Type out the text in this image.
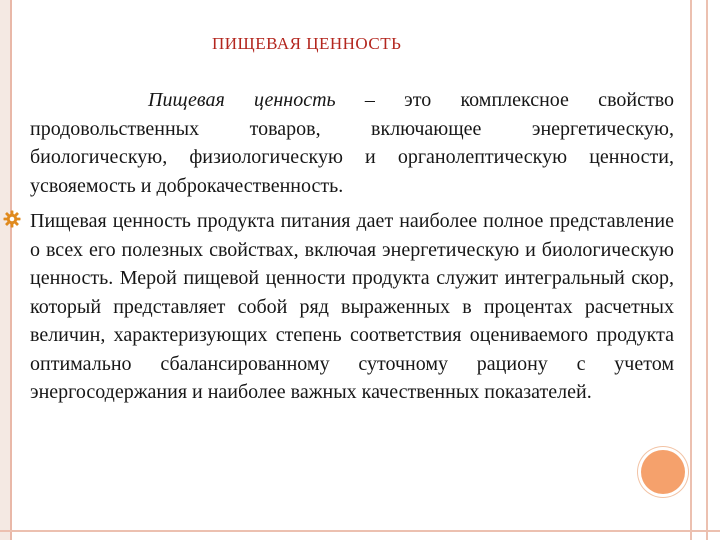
ПИЩЕВАЯ ЦЕННОСТЬ

Пищевая ценность – это комплексное свойство продовольственных товаров, включающее энергетическую, биологическую, физиологическую и органолептическую ценности, усвояемость и доброкачественность.

Пищевая ценность продукта питания дает наиболее полное представление о всех его полезных свойствах, включая энергетическую и биологическую ценность. Мерой пищевой ценности продукта служит интегральный скор, который представляет собой ряд выраженных в процентах расчетных величин, характеризующих степень соответствия оцениваемого продукта оптимально сбалансированному суточному рациону с учетом энергосодержания и наиболее важных качественных показателей.
